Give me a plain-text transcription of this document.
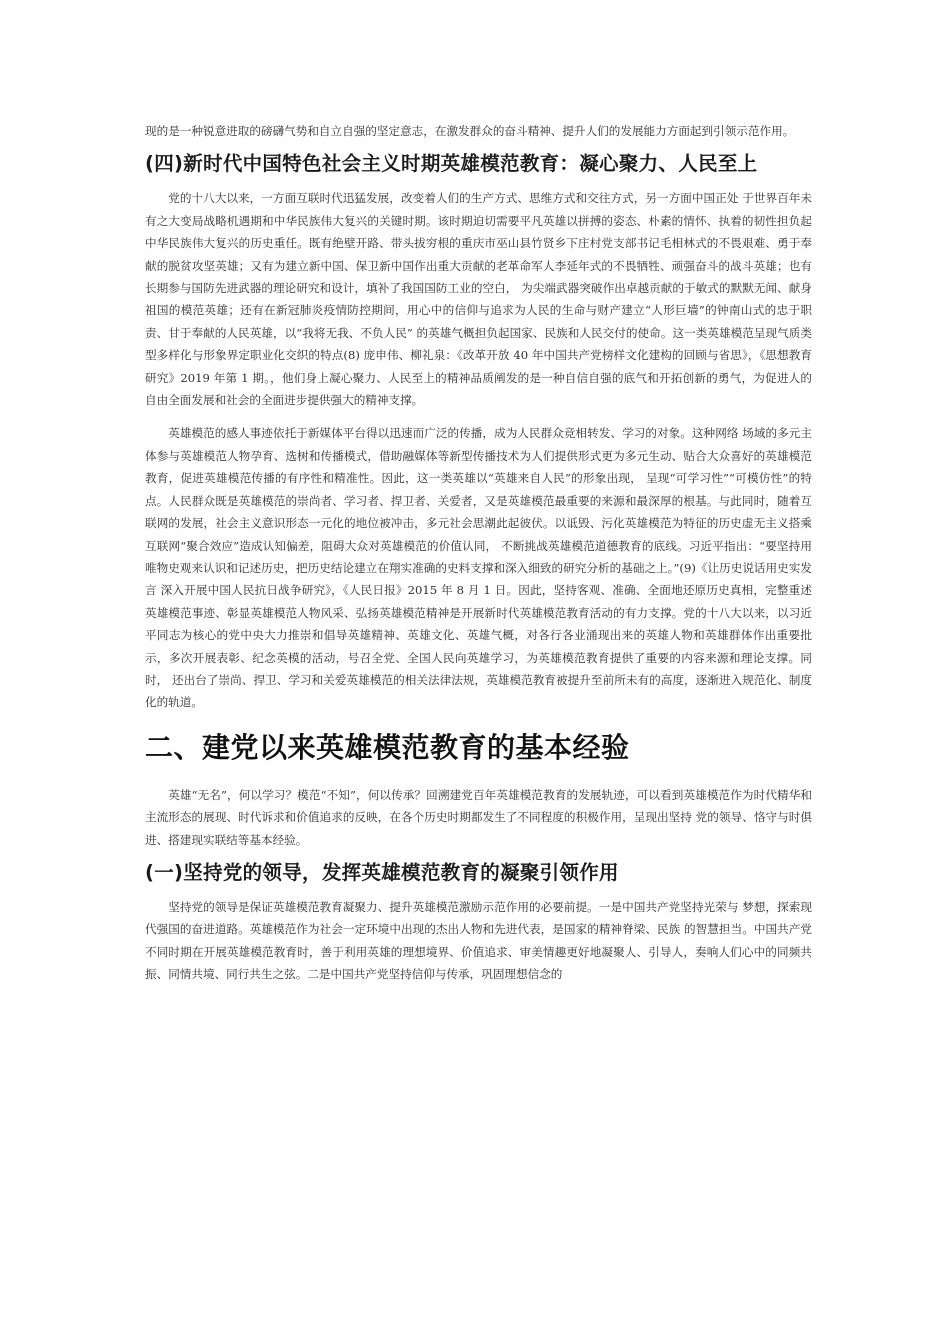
现的是一种锐意进取的磅礴气势和自立自强的坚定意志，在激发群众的奋斗精神、提升人们的发展能力方面起到引领示范作用。

(四)新时代中国特色社会主义时期英雄模范教育：凝心聚力、人民至上

党的十八大以来，一方面互联时代迅猛发展，改变着人们的生产方式、思维方式和交往方式，另一方面中国正处 于世界百年未有之大变局战略机遇期和中华民族伟大复兴的关键时期。该时期迫切需要平凡英雄以拼搏的姿态、朴素的情怀、执着的韧性担负起中华民族伟大复兴的历史重任。既有绝壁开路、带头拔穷根的重庆市巫山县竹贤乡下庄村党支部书记毛相林式的不畏艰难、勇于奉献的脱贫攻坚英雄；又有为建立新中国、保卫新中国作出重大贡献的老革命军人李延年式的不畏牺牲、顽强奋斗的战斗英雄；也有长期参与国防先进武器的理论研究和设计，填补了我国国防工业的空白， 为尖端武器突破作出卓越贡献的于敏式的默默无闻、献身祖国的模范英雄；还有在新冠肺炎疫情防控期间，用心中的信仰与追求为人民的生命与财产建立“人形巨墙”的钟南山式的忠于职责、甘于奉献的人民英雄，以“我将无我、不负人民” 的英雄气概担负起国家、民族和人民交付的使命。这一类英雄模范呈现气质类型多样化与形象界定职业化交织的特点(8) 庞申伟、柳礼泉：《改革开放 40 年中国共产党榜样文化建构的回顾与省思》，《思想教育研究》2019 年第 1 期。，他们身上凝心聚力、人民至上的精神品质阐发的是一种自信自强的底气和开拓创新的勇气，为促进人的自由全面发展和社会的全面进步提供强大的精神支撑。

英雄模范的感人事迹依托于新媒体平台得以迅速而广泛的传播，成为人民群众竞相转发、学习的对象。这种网络 场域的多元主体参与英雄模范人物孕育、选树和传播模式，借助融媒体等新型传播技术为人们提供形式更为多元生动、贴合大众喜好的英雄模范教育，促进英雄模范传播的有序性和精准性。因此，这一类英雄以“英雄来自人民”的形象出现， 呈现“可学习性”“可模仿性”的特点。人民群众既是英雄模范的崇尚者、学习者、捍卫者、关爱者，又是英雄模范最重要的来源和最深厚的根基。与此同时，随着互联网的发展，社会主义意识形态一元化的地位被冲击，多元社会思潮此起彼伏。以诋毁、污化英雄模范为特征的历史虚无主义搭乘互联网“聚合效应”造成认知偏差，阻碍大众对英雄模范的价值认同， 不断挑战英雄模范道德教育的底线。习近平指出：“要坚持用唯物史观来认识和记述历史，把历史结论建立在翔实准确的史料支撑和深入细致的研究分析的基础之上。”(9)《让历史说话用史实发言 深入开展中国人民抗日战争研究》，《人民日报》2015 年 8 月 1 日。因此，坚持客观、准确、全面地还原历史真相，完整重述英雄模范事迹、彰显英雄模范人物风采、弘扬英雄模范精神是开展新时代英雄模范教育活动的有力支撑。党的十八大以来，以习近平同志为核心的党中央大力推崇和倡导英雄精神、英雄文化、英雄气概，对各行各业涌现出来的英雄人物和英雄群体作出重要批示，多次开展表彰、纪念英模的活动，号召全党、全国人民向英雄学习，为英雄模范教育提供了重要的内容来源和理论支撑。同时， 还出台了崇尚、捍卫、学习和关爱英雄模范的相关法律法规，英雄模范教育被提升至前所未有的高度，逐渐进入规范化、制度化的轨道。

二、建党以来英雄模范教育的基本经验

英雄“无名”，何以学习？模范“不知”，何以传承？回溯建党百年英雄模范教育的发展轨迹，可以看到英雄模范作为时代精华和主流形态的展现、时代诉求和价值追求的反映，在各个历史时期都发生了不同程度的积极作用，呈现出坚持 党的领导、恪守与时俱进、搭建现实联结等基本经验。

(一)坚持党的领导，发挥英雄模范教育的凝聚引领作用

坚持党的领导是保证英雄模范教育凝聚力、提升英雄模范激励示范作用的必要前提。一是中国共产党坚持光荣与 梦想，探索现代强国的奋进道路。英雄模范作为社会一定环境中出现的杰出人物和先进代表，是国家的精神脊梁、民族 的智慧担当。中国共产党不同时期在开展英雄模范教育时，善于利用英雄的理想境界、价值追求、审美情趣更好地凝聚人、引导人，奏响人们心中的同频共振、同情共境、同行共生之弦。二是中国共产党坚持信仰与传承，巩固理想信念的
